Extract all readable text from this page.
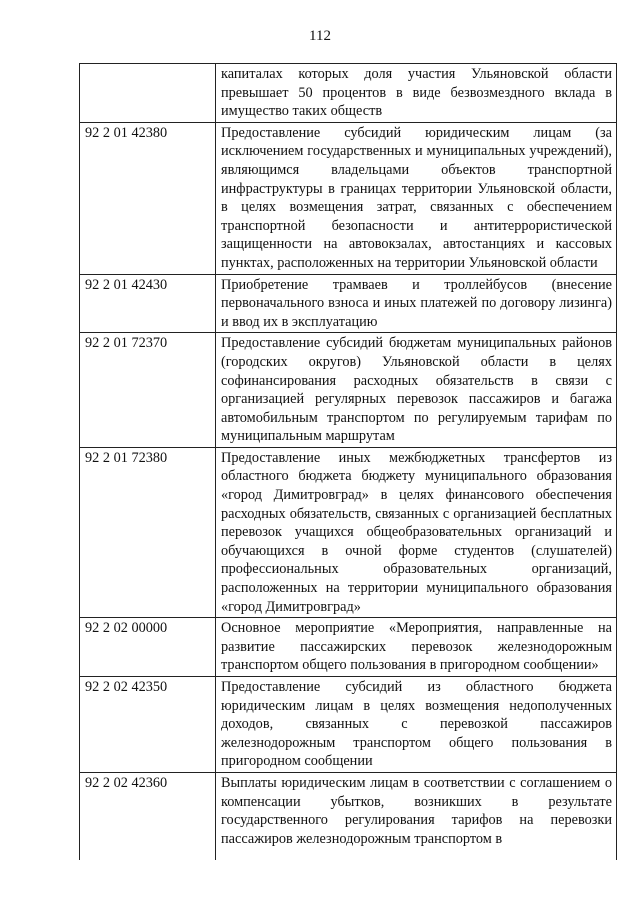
112
	капиталах которых доля участия Ульяновской области превышает 50 процентов в виде безвозмездного вклада в имущество таких обществ
92 2 01 42380	Предоставление субсидий юридическим лицам (за исключением государственных и муниципальных учреждений), являющимся владельцами объектов транспортной инфраструктуры в границах территории Ульяновской области, в целях возмещения затрат, связанных с обеспечением транспортной безопасности и антитеррористической защищенности на автовокзалах, автостанциях и кассовых пунктах, расположенных на территории Ульяновской области
92 2 01 42430	Приобретение трамваев и троллейбусов (внесение первоначального взноса и иных платежей по договору лизинга) и ввод их в эксплуатацию
92 2 01 72370	Предоставление субсидий бюджетам муниципальных районов (городских округов) Ульяновской области в целях софинансирования расходных обязательств в связи с организацией регулярных перевозок пассажиров и багажа автомобильным транспортом по регулируемым тарифам по муниципальным маршрутам
92 2 01 72380	Предоставление иных межбюджетных трансфертов из областного бюджета бюджету муниципального образования «город Димитровград» в целях финансового обеспечения расходных обязательств, связанных с организацией бесплатных перевозок учащихся общеобразовательных организаций и обучающихся в очной форме студентов (слушателей) профессиональных образовательных организаций, расположенных на территории муниципального образования «город Димитровград»
92 2 02 00000	Основное мероприятие «Мероприятия, направленные на развитие пассажирских перевозок железнодорожным транспортом общего пользования в пригородном сообщении»
92 2 02 42350	Предоставление субсидий из областного бюджета юридическим лицам в целях возмещения недополученных доходов, связанных с перевозкой пассажиров железнодорожным транспортом общего пользования в пригородном сообщении
92 2 02 42360	Выплаты юридическим лицам в соответствии с соглашением о компенсации убытков, возникших в результате государственного регулирования тарифов на перевозки пассажиров железнодорожным транспортом в
